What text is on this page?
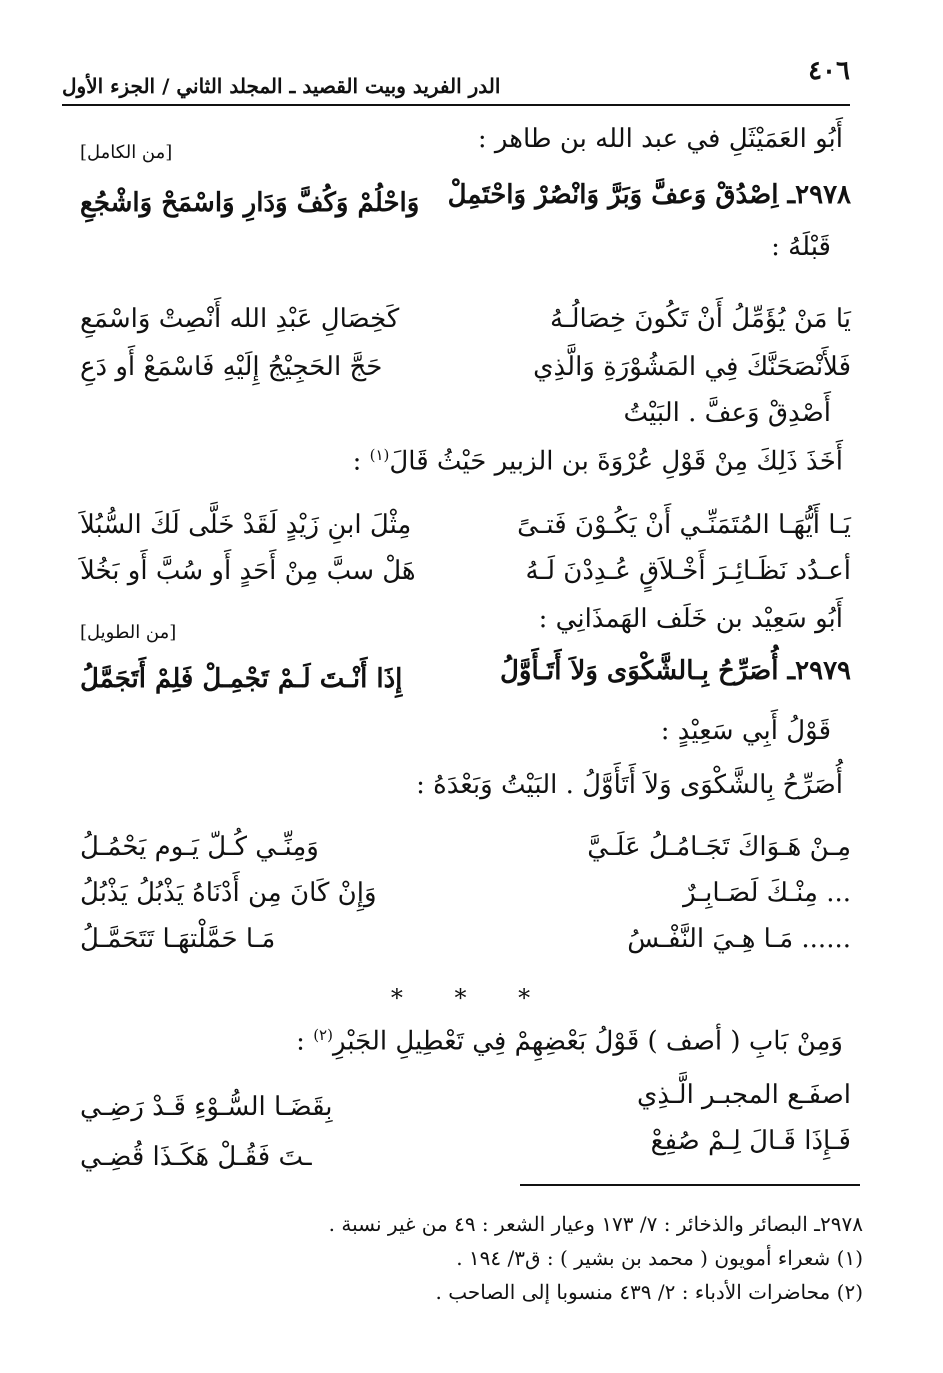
٤٠٦
الدر الفريد وبيت القصيد ـ المجلد الثاني / الجزء الأول
أَبُو العَمَيْثَلِ في عبد الله بن طاهر :
[من الكامل]
٢٩٧٨ـ اِصْدُقْ وَعفَّ وَبَرَّ وَانْصُرْ وَاحْتَمِلْ
وَاحْلُمْ وَكُفَّ وَدَارِ وَاسْمَحْ وَاشْجُعِ
قَبْلَهُ :
يَا مَنْ يُؤَمِّلُ أَنْ تَكُونَ خِصَالُـهُ
كَخِصَالِ عَبْدِ الله أَنْصِتْ وَاسْمَعِ
فَلأَنْصَحَنَّكَ فِي المَشُوْرَةِ وَالَّذِي
حَجَّ الحَجِيْجُ إِلَيْهِ فَاسْمَعْ أَو دَعِ
أَصْدِقْ وَعفَّ . البَيْتُ
أَخَذَ ذَلِكَ مِنْ قَوْلِ عُرْوَةَ بن الزبير حَيْثُ قَالَ$^{(١)}$ :
يَـا أَيُّهَـا المُتَمَنِّـي أَنْ يَكُـوْنَ فَتـىً
مِثْلَ ابنِ زَيْدٍ لَقَدْ خَلَّى لَكَ السُّبُلاَ
أعـدُد نَظَـائِـرَ أَخْـلاَقٍ عُـدِدْنَ لَـهُ
هَلْ سبَّ مِنْ أَحَدٍ أَو سُبَّ أَو بَخُلاَ
أَبُو سَعِيْد بن خَلَف الهَمذَانِي :
[من الطويل]
٢٩٧٩ـ أُصَرِّحُ بِـالشَّكْوَى وَلاَ أَتَـأَوَّلُ
إِذَا أَنْـتَ لَـمْ تَجْمِـلْ فَلِمْ أَتَجَمَّلُ
قَوْلُ أَبِي سَعِيْدٍ :
أُصَرِّحُ بِالشَّكْوَى وَلاَ أَتَأَوَّلُ . البَيْتُ وَبَعْدَهُ :
مِـنْ هَـوَاكَ تَجَـامُـلُ عَلَـيَّ
وَمِنِّـي كُـلّ يَـوم يَحْمُـلُ
... مِنْـكَ لَصَـابِـرٌ
وَإِنْ كَانَ مِن أَدْنَاهُ يَذْبُلُ يَذْبُلُ
...... مَـا هِـيَ النَّفْـسُ
مَـا حَمَّلْتهَـا تَتَحَمَّـلُ
* * *
وَمِنْ بَابِ ( أصف ) قَوْلُ بَعْضِهِمْ فِي تَعْطِيلِ الجَبْرِ$^{(٢)}$ :
اصفَـع المجبـر الَّـذِي
بِقَضَـا السُّـوْءِ قَـدْ رَضِـي
فَـإِذَا قَـالَ لِـمْ صُفِعْ
ـتَ فَقُـلْ هَكَـذَا قُضِـي
٢٩٧٨ـ البصائر والذخائر : ٧/ ١٧٣ وعيار الشعر : ٤٩ من غير نسبة .
(١) شعراء أمويون ( محمد بن بشير ) : ق٣/ ١٩٤ .
(٢) محاضرات الأدباء : ٢/ ٤٣٩ منسوبا إلى الصاحب .
